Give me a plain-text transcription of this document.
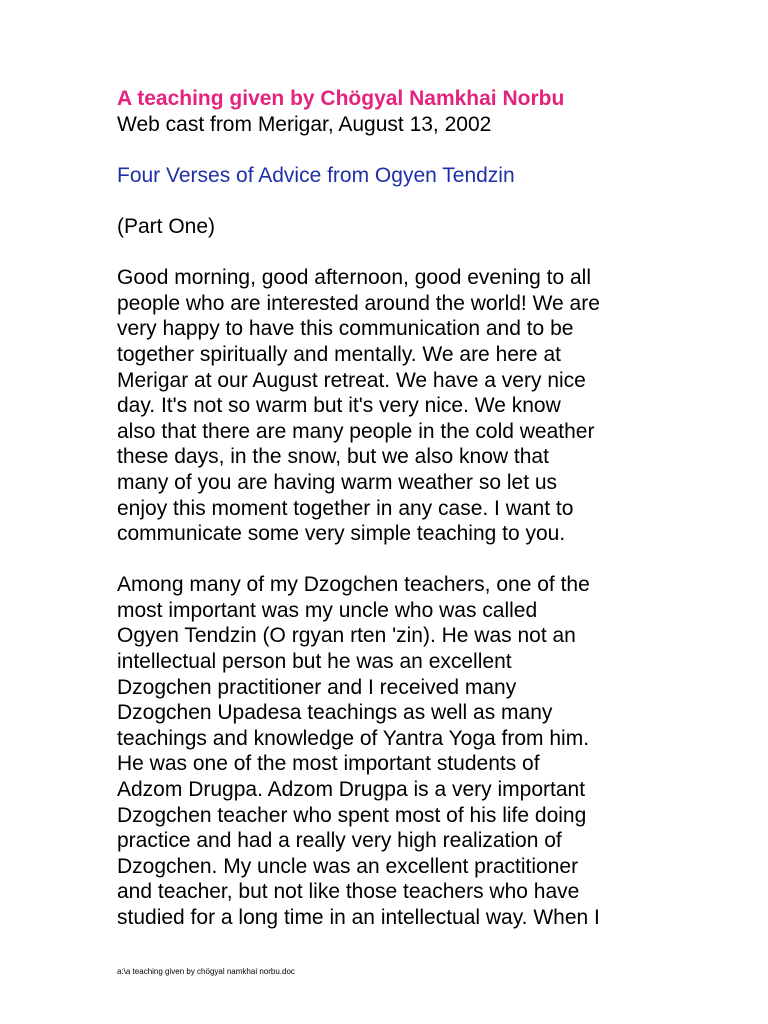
A teaching given by Chögyal Namkhai Norbu

Web cast from Merigar, August 13, 2002

Four Verses of Advice from Ogyen Tendzin

(Part One)

Good morning, good afternoon, good evening to all
people who are interested around the world! We are
very happy to have this communication and to be
together spiritually and mentally. We are here at
Merigar at our August retreat. We have a very nice
day. It's not so warm but it's very nice. We know
also that there are many people in the cold weather
these days, in the snow, but we also know that
many of you are having warm weather so let us
enjoy this moment together in any case. I want to
communicate some very simple teaching to you.

Among many of my Dzogchen teachers, one of the
most important was my uncle who was called
Ogyen Tendzin (O rgyan rten 'zin). He was not an
intellectual person but he was an excellent
Dzogchen practitioner and I received many
Dzogchen Upadesa teachings as well as many
teachings and knowledge of Yantra Yoga from him.
He was one of the most important students of
Adzom Drugpa. Adzom Drugpa is a very important
Dzogchen teacher who spent most of his life doing
practice and had a really very high realization of
Dzogchen. My uncle was an excellent practitioner
and teacher, but not like those teachers who have
studied for a long time in an intellectual way. When I

a:\a teaching given by chögyal namkhai norbu.doc
